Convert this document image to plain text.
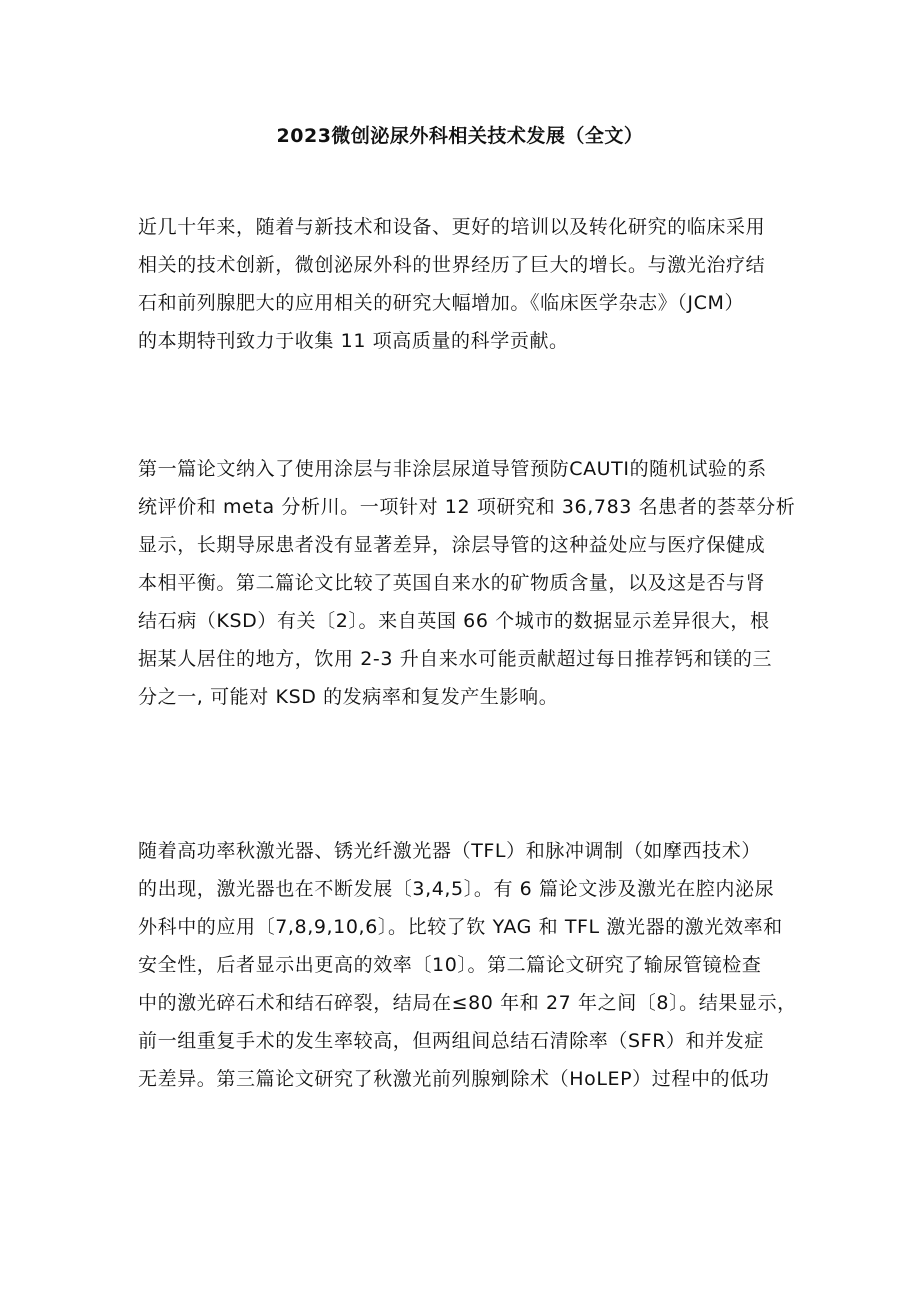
2023微创泌尿外科相关技术发展（全文）
近几十年来，随着与新技术和设备、更好的培训以及转化研究的临床采用
相关的技术创新，微创泌尿外科的世界经历了巨大的增长。与激光治疗结
石和前列腺肥大的应用相关的研究大幅增加。《临床医学杂志》（JCM）
的本期特刊致力于收集 11 项高质量的科学贡献。
第一篇论文纳入了使用涂层与非涂层尿道导管预防CAUTI的随机试验的系
统评价和 meta 分析川。一项针对 12 项研究和 36,783 名患者的荟萃分析
显示，长期导尿患者没有显著差异，涂层导管的这种益处应与医疗保健成
本相平衡。第二篇论文比较了英国自来水的矿物质含量，以及这是否与肾
结石病（KSD）有关〔2〕。来自英国 66 个城市的数据显示差异很大，根
据某人居住的地方，饮用 2-3 升自来水可能贡献超过每日推荐钙和镁的三
分之一, 可能对 KSD 的发病率和复发产生影响。
随着高功率秋激光器、锈光纤激光器（TFL）和脉冲调制（如摩西技术）
的出现，激光器也在不断发展〔3,4,5〕。有 6 篇论文涉及激光在腔内泌尿
外科中的应用〔7,8,9,10,6〕。比较了钦 YAG 和 TFL 激光器的激光效率和
安全性，后者显示出更高的效率〔10〕。第二篇论文研究了输尿管镜检查
中的激光碎石术和结石碎裂，结局在≤80 年和 27 年之间〔8〕。结果显示，
前一组重复手术的发生率较高，但两组间总结石清除率（SFR）和并发症
无差异。第三篇论文研究了秋激光前列腺剜除术（HoLEP）过程中的低功
